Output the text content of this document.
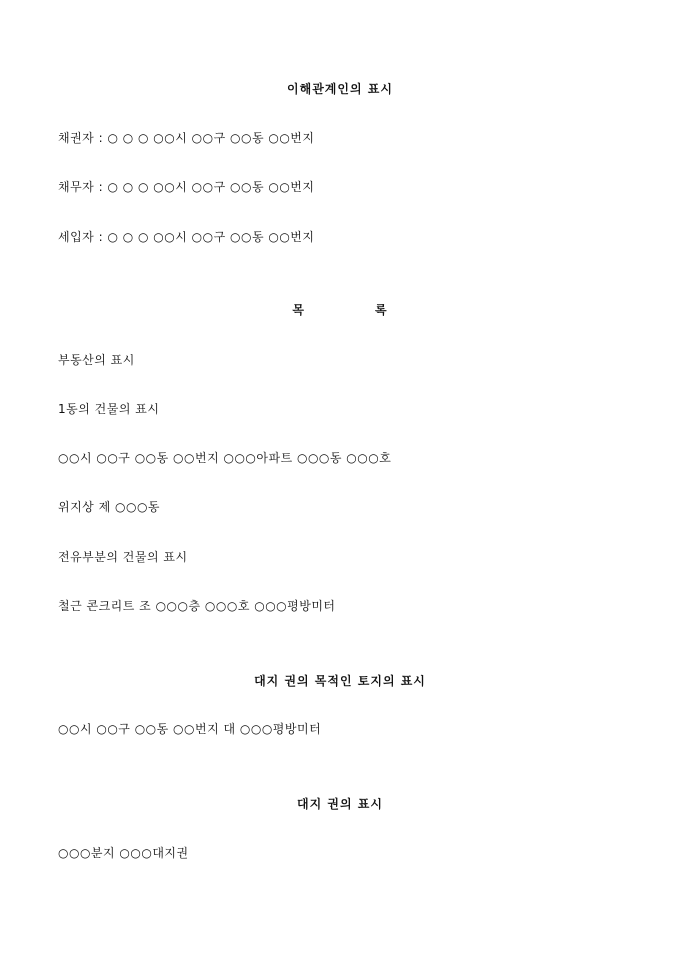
이해관계인의 표시
채권자 : ○ ○ ○ ○○시 ○○구 ○○동 ○○번지
채무자 : ○ ○ ○ ○○시 ○○구 ○○동 ○○번지
세입자 : ○ ○ ○ ○○시 ○○구 ○○동 ○○번지
목	록
부동산의 표시
1동의 건물의 표시
○○시 ○○구 ○○동 ○○번지 ○○○아파트 ○○○동 ○○○호
위지상 제 ○○○동
전유부분의 건물의 표시
철근 콘크리트 조 ○○○층 ○○○호 ○○○평방미터
대지 권의 목적인 토지의 표시
○○시 ○○구 ○○동 ○○번지 대 ○○○평방미터
대지 권의 표시
○○○분지 ○○○대지권
